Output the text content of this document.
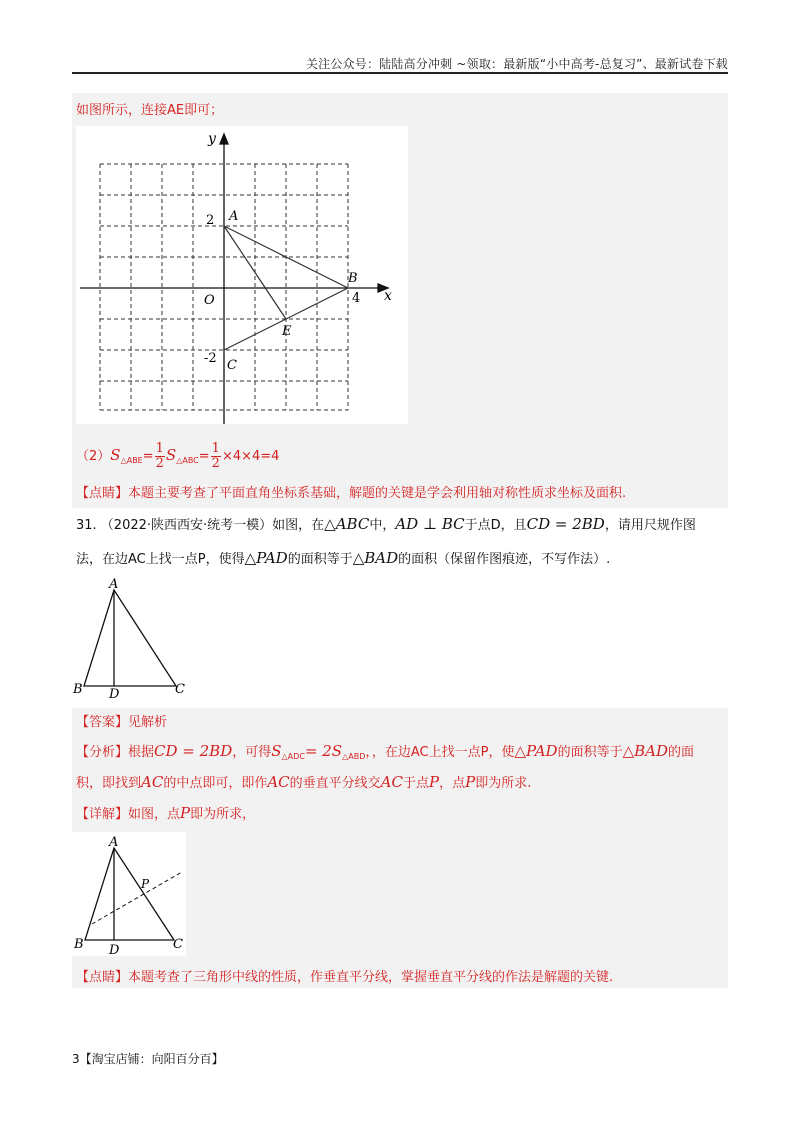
关注公众号：陆陆高分冲刺 ~领取：最新版“小中高考-总复习”、最新试卷下载
如图所示，连接AE即可；
y
x
O
2 A
B
4
E
-2 C
$(2)S_{\triangle ABE}= \frac{1}{2} S_{\triangle ABC}= \frac{1}{2} \times 4\times 4=4$
【点睛】本题主要考查了平面直角坐标系基础，解题的关键是学会利用轴对称性质求坐标及面积.
31. （2022·陕西西安·统考一模）如图，在△ABC中，AD ⊥ BC于点D，且CD = 2BD，请用尺规作图
法，在边AC上找一点P，使得△PAD的面积等于△BAD的面积（保留作图痕迹，不写作法）.
A
B D	C
【答案】见解析
【分析】根据CD = 2BD，可得$S_{\triangle ADC}= 2S_{\triangle ABD}$，，在边AC上找一点P，使△PAD的面积等于△BAD的面
积，即找到AC的中点即可，即作AC的垂直平分线交AC于点P，点P即为所求.
【详解】如图，点P即为所求，
A
P
B D	C
【点睛】本题考查了三角形中线的性质，作垂直平分线，掌握垂直平分线的作法是解题的关键.
3【淘宝店铺：向阳百分百】
